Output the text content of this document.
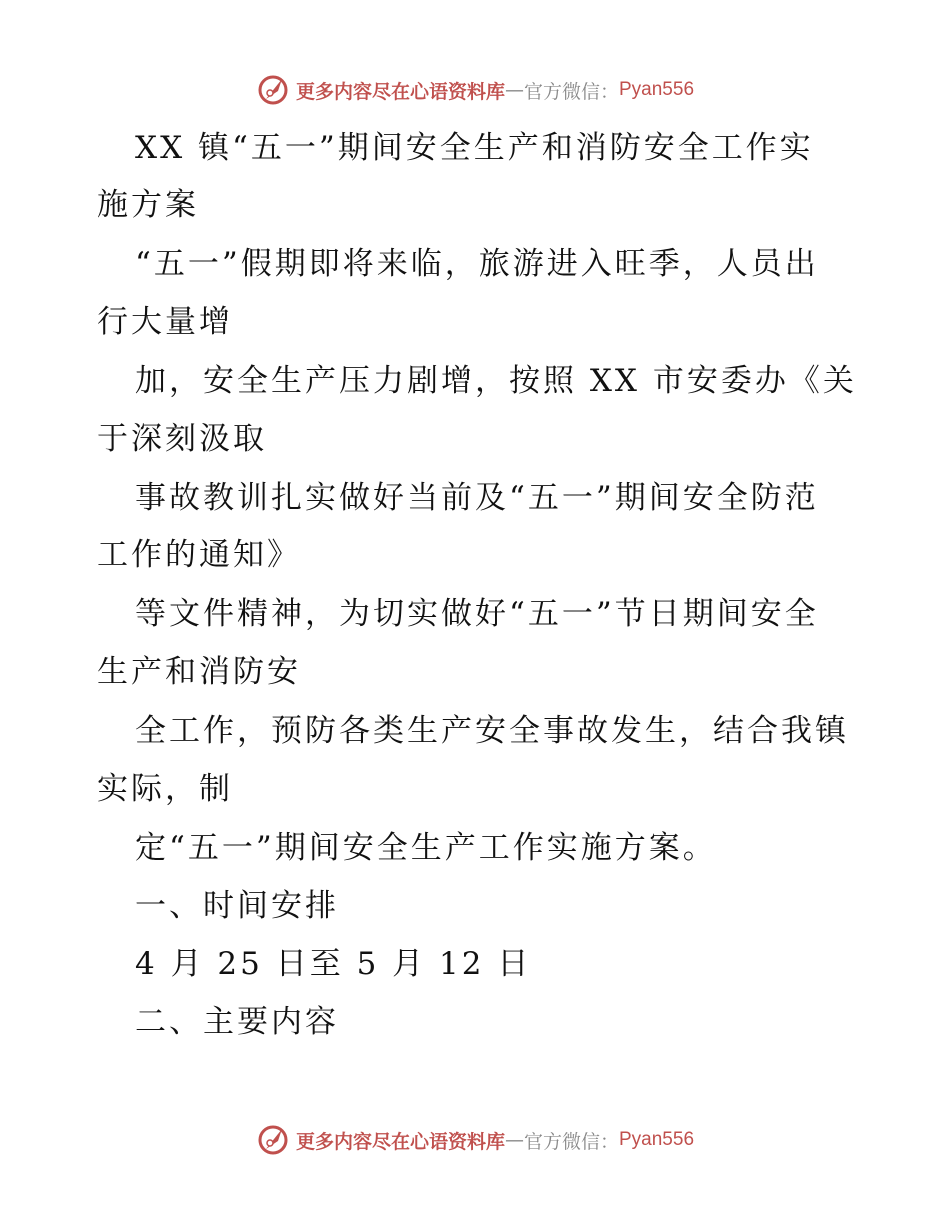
更多内容尽在心语资料库 — 官方微信： Pyan556
XX 镇“五一”期间安全生产和消防安全工作实
施方案
“五一”假期即将来临，旅游进入旺季，人员出
行大量增
加，安全生产压力剧增，按照 XX 市安委办《关
于深刻汲取
事故教训扎实做好当前及“五一”期间安全防范
工作的通知》
等文件精神，为切实做好“五一”节日期间安全
生产和消防安
全工作，预防各类生产安全事故发生，结合我镇
实际，制
定“五一”期间安全生产工作实施方案。
一、时间安排
4 月 25 日至 5 月 12 日
二、主要内容
更多内容尽在心语资料库 — 官方微信： Pyan556
